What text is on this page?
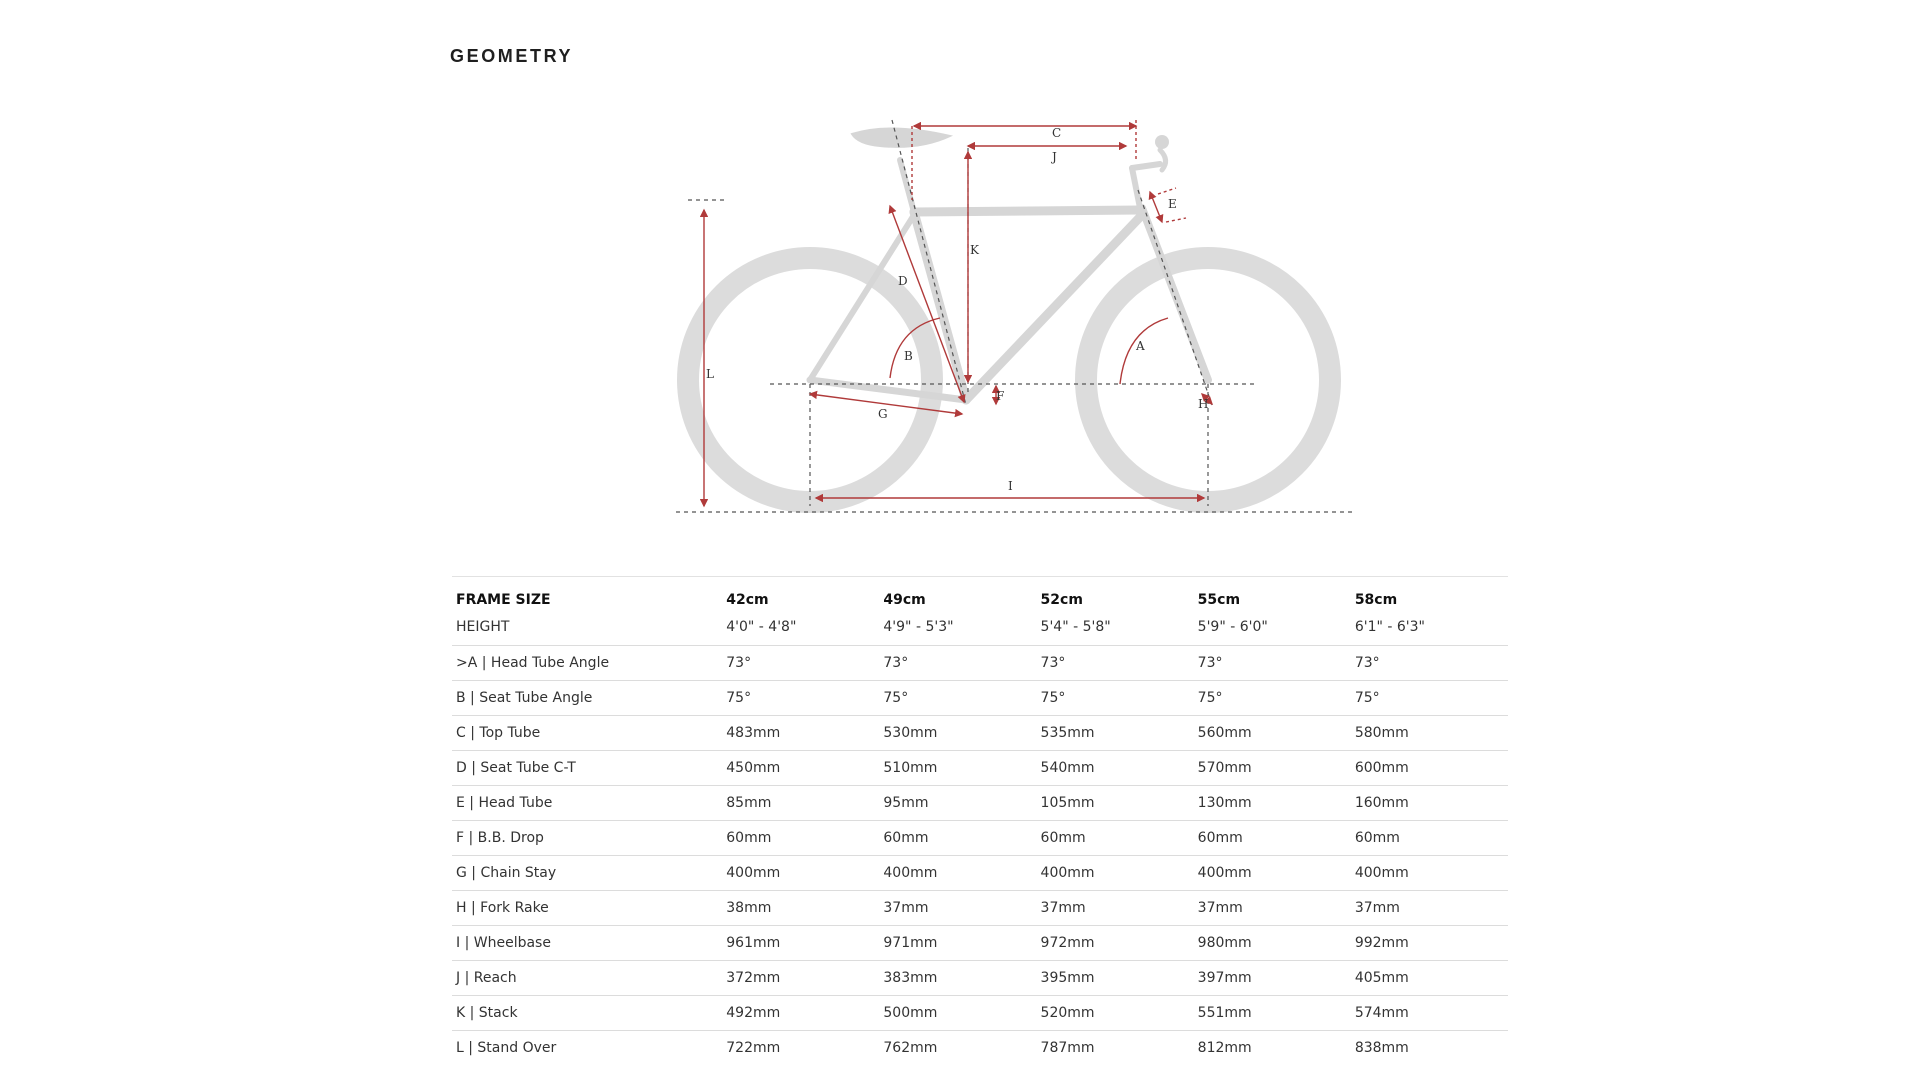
GEOMETRY
A
B
C
D
E
F
G
H
I
J
K
L
FRAME SIZE	42cm	49cm	52cm	55cm	58cm
HEIGHT	4'0" - 4'8"	4'9" - 5'3"	5'4" - 5'8"	5'9" - 6'0"	6'1" - 6'3"
>A | Head Tube Angle	73°	73°	73°	73°	73°
B | Seat Tube Angle	75°	75°	75°	75°	75°
C | Top Tube	483mm	530mm	535mm	560mm	580mm
D | Seat Tube C-T	450mm	510mm	540mm	570mm	600mm
E | Head Tube	85mm	95mm	105mm	130mm	160mm
F | B.B. Drop	60mm	60mm	60mm	60mm	60mm
G | Chain Stay	400mm	400mm	400mm	400mm	400mm
H | Fork Rake	38mm	37mm	37mm	37mm	37mm
I | Wheelbase	961mm	971mm	972mm	980mm	992mm
J | Reach	372mm	383mm	395mm	397mm	405mm
K | Stack	492mm	500mm	520mm	551mm	574mm
L | Stand Over	722mm	762mm	787mm	812mm	838mm
